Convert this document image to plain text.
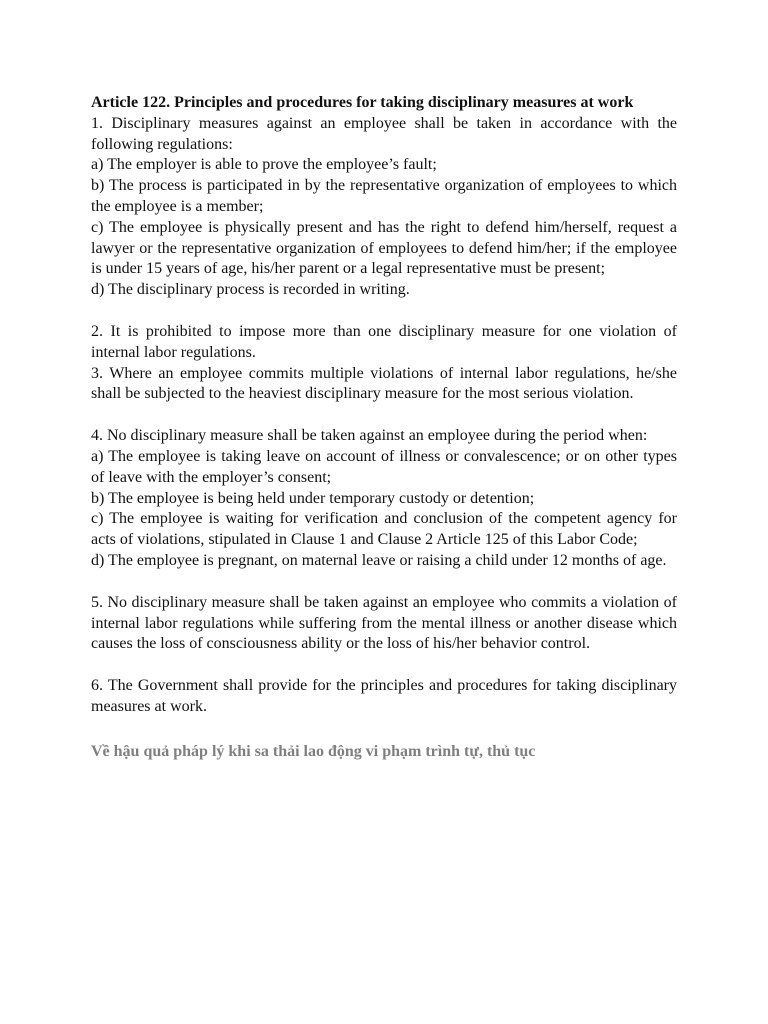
Article 122. Principles and procedures for taking disciplinary measures at work

1. Disciplinary measures against an employee shall be taken in accordance with the following regulations:

a) The employer is able to prove the employee’s fault;

b) The process is participated in by the representative organization of employees to which the employee is a member;

c) The employee is physically present and has the right to defend him/herself, request a lawyer or the representative organization of employees to defend him/her; if the employee is under 15 years of age, his/her parent or a legal representative must be present;

d) The disciplinary process is recorded in writing.

2. It is prohibited to impose more than one disciplinary measure for one violation of internal labor regulations.

3. Where an employee commits multiple violations of internal labor regulations, he/she shall be subjected to the heaviest disciplinary measure for the most serious violation.

4. No disciplinary measure shall be taken against an employee during the period when:

a) The employee is taking leave on account of illness or convalescence; or on other types of leave with the employer’s consent;

b) The employee is being held under temporary custody or detention;

c) The employee is waiting for verification and conclusion of the competent agency for acts of violations, stipulated in Clause 1 and Clause 2 Article 125 of this Labor Code;

d) The employee is pregnant, on maternal leave or raising a child under 12 months of age.

5. No disciplinary measure shall be taken against an employee who commits a violation of internal labor regulations while suffering from the mental illness or another disease which causes the loss of consciousness ability or the loss of his/her behavior control.

6. The Government shall provide for the principles and procedures for taking disciplinary measures at work.

Về hậu quả pháp lý khi sa thải lao động vi phạm trình tự, thủ tục
